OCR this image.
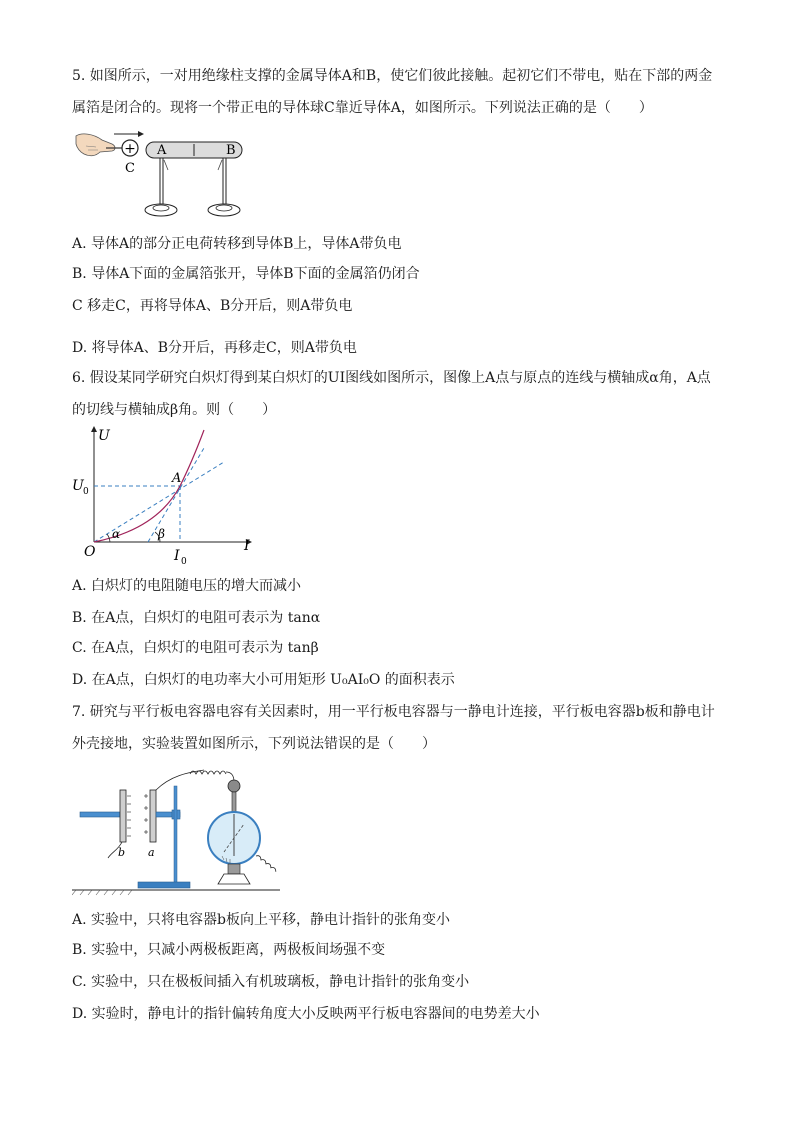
5. 如图所示，一对用绝缘柱支撑的金属导体A和B，使它们彼此接触。起初它们不带电，贴在下部的两金
属箔是闭合的。现将一个带正电的导体球C靠近导体A，如图所示。下列说法正确的是（　　）
+
C
A	B
A. 导体A的部分正电荷转移到导体B上，导体A带负电
B. 导体A下面的金属箔张开，导体B下面的金属箔仍闭合
C 移走C，再将导体A、B分开后，则A带负电
D. 将导体A、B分开后，再移走C，则A带负电
6. 假设某同学研究白炽灯得到某白炽灯的UI图线如图所示，图像上A点与原点的连线与横轴成α角，A点
的切线与横轴成β角。则（　　）
U
I
O
α	β
U 0
I 0
A
A. 白炽灯的电阻随电压的增大而减小
B. 在A点，白炽灯的电阻可表示为 tanα
C. 在A点，白炽灯的电阻可表示为 tanβ
D. 在A点，白炽灯的电功率大小可用矩形 U₀AI₀O 的面积表示
7. 研究与平行板电容器电容有关因素时，用一平行板电容器与一静电计连接，平行板电容器b板和静电计
外壳接地，实验装置如图所示，下列说法错误的是（　　）
b a
A. 实验中，只将电容器b板向上平移，静电计指针的张角变小
B. 实验中，只减小两极板距离，两极板间场强不变
C. 实验中，只在极板间插入有机玻璃板，静电计指针的张角变小
D. 实验时，静电计的指针偏转角度大小反映两平行板电容器间的电势差大小
